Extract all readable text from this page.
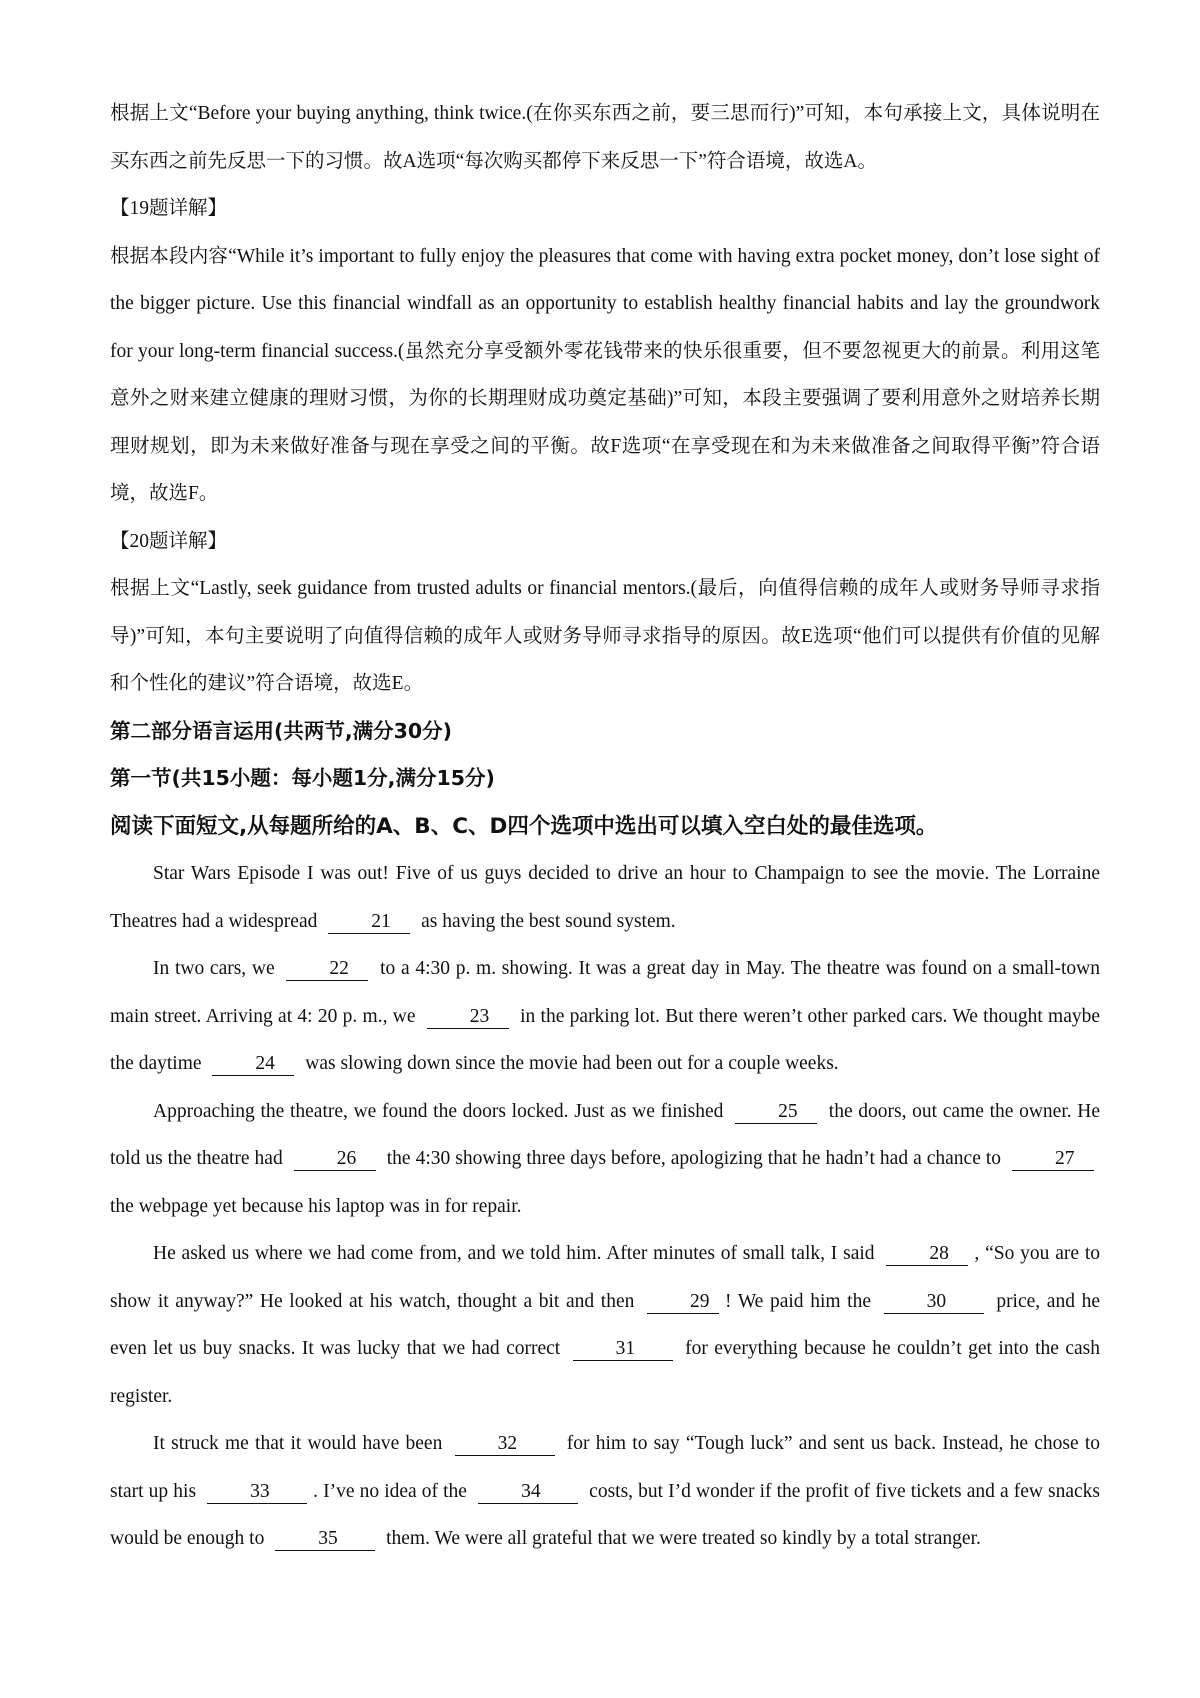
根据上文“Before your buying anything, think twice.(在你买东西之前，要三思而行)”可知，本句承接上文，具体说明在买东西之前先反思一下的习惯。故A选项“每次购买都停下来反思一下”符合语境，故选A。

【19题详解】

根据本段内容“While it’s important to fully enjoy the pleasures that come with having extra pocket money, don’t lose sight of the bigger picture. Use this financial windfall as an opportunity to establish healthy financial habits and lay the groundwork for your long-term financial success.(虽然充分享受额外零花钱带来的快乐很重要，但不要忽视更大的前景。利用这笔意外之财来建立健康的理财习惯，为你的长期理财成功奠定基础)”可知，本段主要强调了要利用意外之财培养长期理财规划，即为未来做好准备与现在享受之间的平衡。故F选项“在享受现在和为未来做准备之间取得平衡”符合语境，故选F。

【20题详解】

根据上文“Lastly, seek guidance from trusted adults or financial mentors.(最后，向值得信赖的成年人或财务导师寻求指导)”可知，本句主要说明了向值得信赖的成年人或财务导师寻求指导的原因。故E选项“他们可以提供有价值的见解和个性化的建议”符合语境，故选E。

第二部分语言运用(共两节,满分30分)

第一节(共15小题：每小题1分,满分15分)

阅读下面短文,从每题所给的A、B、C、D四个选项中选出可以填入空白处的最佳选项。

Star Wars Episode I was out! Five of us guys decided to drive an hour to Champaign to see the movie. The Lorraine Theatres had a widespread	21 as having the best sound system.

In two cars, we	22 to a 4:30 p. m. showing. It was a great day in May. The theatre was found on a small-town main street. Arriving at 4: 20 p. m., we	23 in the parking lot. But there weren’t other parked cars. We thought maybe the daytime	24 was slowing down since the movie had been out for a couple weeks.

Approaching the theatre, we found the doors locked. Just as we finished	25 the doors, out came the owner. He told us the theatre had	26 the 4:30 showing three days before, apologizing that he hadn’t had a chance to	27 the webpage yet because his laptop was in for repair.

He asked us where we had come from, and we told him. After minutes of small talk, I said	28 , “So you are to show it anyway?” He looked at his watch, thought a bit and then	29 ! We paid him the	30	price, and he even let us buy snacks. It was lucky that we had correct	31	for everything because he couldn’t get into the cash register.

It struck me that it would have been	32	for him to say “Tough luck” and sent us back. Instead, he chose to start up his	33 . I’ve no idea of the	34 costs, but I’d wonder if the profit of five tickets and a few snacks would be enough to	35 them. We were all grateful that we were treated so kindly by a total stranger.
